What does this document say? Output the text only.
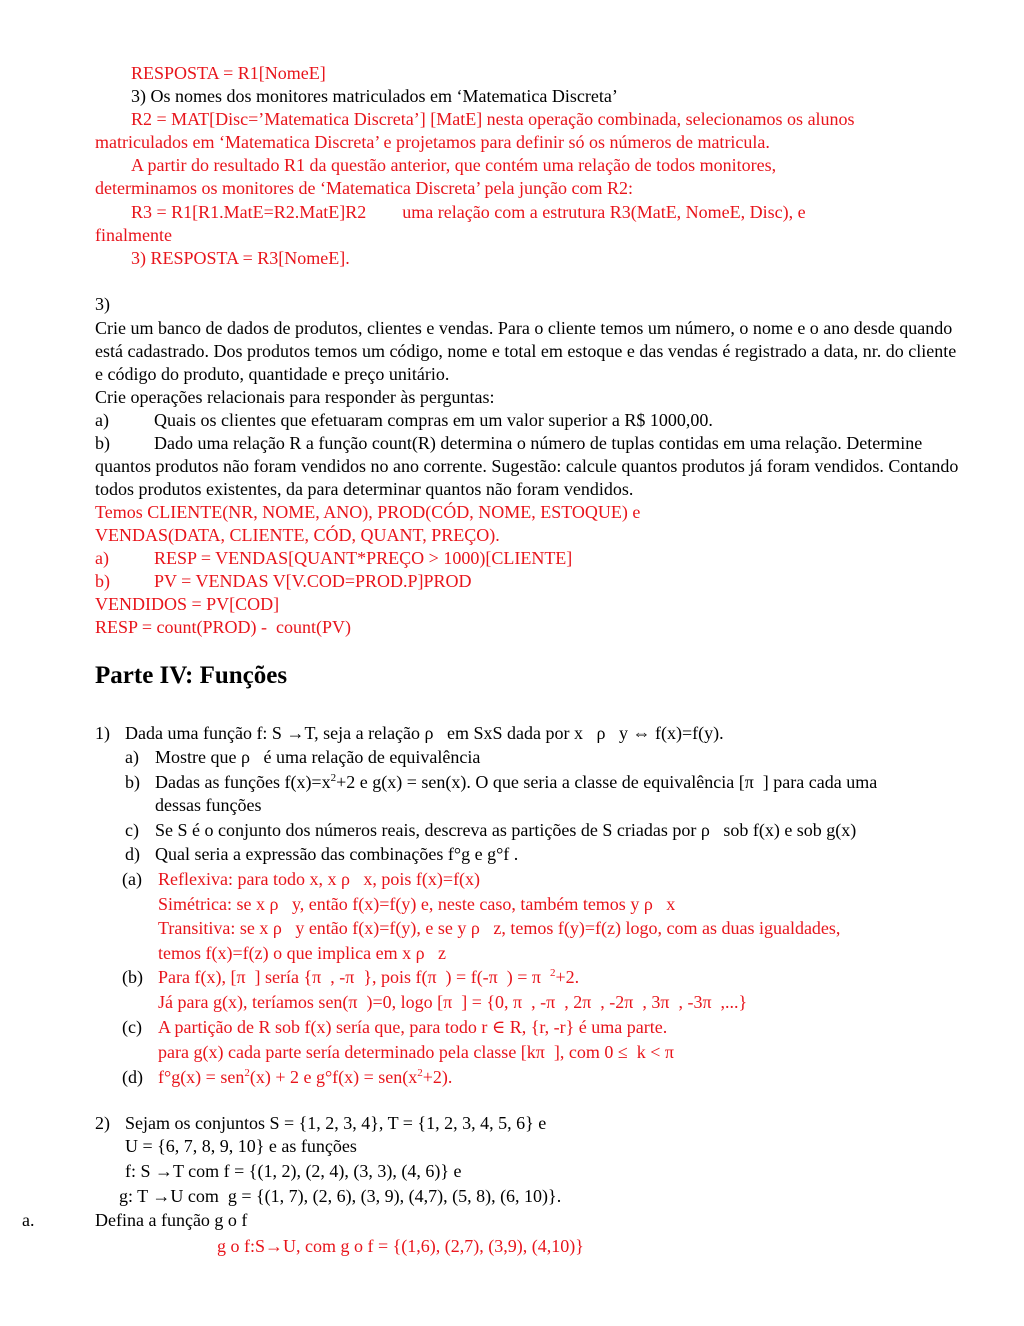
RESPOSTA = R1[NomeE]
3) Os nomes dos monitores matriculados em ‘Matematica Discreta’
R2 = MAT[Disc=’Matematica Discreta’] [MatE] nesta operação combinada, selecionamos os alunos
matriculados em ‘Matematica Discreta’ e projetamos para definir só os números de matricula.
A partir do resultado R1 da questão anterior, que contém uma relação de todos monitores,
determinamos os monitores de ‘Matematica Discreta’ pela junção com R2:
R3 = R1[R1.MatE=R2.MatE]R2        uma relação com a estrutura R3(MatE, NomeE, Disc), e
finalmente
3) RESPOSTA = R3[NomeE].
3)
Crie um banco de dados de produtos, clientes e vendas. Para o cliente temos um número, o nome e o ano desde quando
está cadastrado. Dos produtos temos um código, nome e total em estoque e das vendas é registrado a data, nr. do cliente
e código do produto, quantidade e preço unitário.
Crie operações relacionais para responder às perguntas:
a)	Quais os clientes que efetuaram compras em um valor superior a R$ 1000,00.
b) Dado uma relação R a função count(R) determina o número de tuplas contidas em uma relação. Determine
quantos produtos não foram vendidos no ano corrente. Sugestão: calcule quantos produtos já foram vendidos. Contando
todos produtos existentes, da para determinar quantos não foram vendidos.
Temos CLIENTE(NR, NOME, ANO), PROD(CÓD, NOME, ESTOQUE) e
VENDAS(DATA, CLIENTE, CÓD, QUANT, PREÇO).
a)	RESP = VENDAS[QUANT*PREÇO > 1000)[CLIENTE]
b) PV = VENDAS V[V.COD=PROD.P]PROD
VENDIDOS = PV[COD]
RESP = count(PROD) -  count(PV)
Parte IV: Funções
1) Dada uma função f: S →T, seja a relação ρ   em SxS dada por x   ρ   y ⇔ f(x)=f(y).
a) Mostre que ρ   é uma relação de equivalência
b) Dadas as funções $f(x)=x^2+2$ e g(x) = sen(x). O que seria a classe de equivalência [π  ] para cada uma
dessas funções
c) Se S é o conjunto dos números reais, descreva as partições de S criadas por ρ   sob f(x) e sob g(x)
d) Qual seria a expressão das combinações f°g e g°f .
(a) Reflexiva: para todo x, x ρ   x, pois f(x)=f(x)
Simétrica: se x ρ   y, então f(x)=f(y) e, neste caso, também temos y ρ   x
Transitiva: se x ρ   y então f(x)=f(y), e se y ρ   z, temos f(y)=f(z) logo, com as duas igualdades,
temos f(x)=f(z) o que implica em x ρ   z
(b) Para f(x), [π  ] sería {π  , -π  }, pois f(π  ) = f(-π  ) = π  $^2$+2.
Já para g(x), teríamos sen(π  )=0, logo [π  ] = {0, π  , -π  , 2π  , -2π  , 3π  , -3π  ,...}
(c) A partição de R sob f(x) sería que, para todo r ∈ R, {r, -r} é uma parte.
para g(x) cada parte sería determinado pela classe [kπ  ], com 0 ≤  k < π
(d) f°g(x) = sen$^2$(x) + 2 e $g^\circ f(x) = sen(x^2+2)$.
2) Sejam os conjuntos S = {1, 2, 3, 4}, T = {1, 2, 3, 4, 5, 6} e
U = {6, 7, 8, 9, 10} e as funções
f: S →T com f = {(1, 2), (2, 4), (3, 3), (4, 6)} e
g: T →U com  g = {(1, 7), (2, 6), (3, 9), (4,7), (5, 8), (6, 10)}.
a.	Defina a função g o f
g o f:S→U, com g o f = {(1,6), (2,7), (3,9), (4,10)}
